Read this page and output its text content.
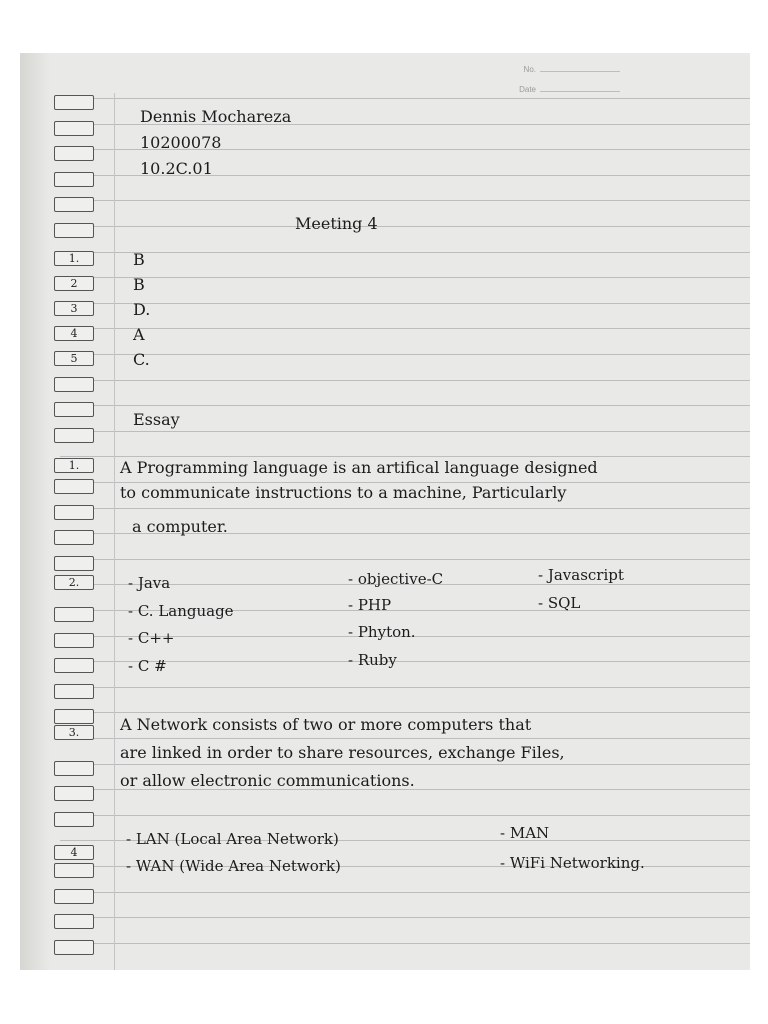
No.
Date
Dennis Mochareza
10200078
10.2C.01
Meeting 4
1.	B
2	B
3	D.
4	A
5	C.
Essay
1.	A Programming language is an artifical language designed
to communicate instructions to a machine, Particularly
a computer.
2.	- Java
- C. Language
- C++
- C #
- objective-C
- PHP
- Phyton.
- Ruby
- Javascript
- SQL
3.	A Network consists of two or more computers that
are linked in order to share resources, exchange Files,
or allow electronic communications.
4
- LAN (Local Area Network)
- WAN (Wide Area Network)
- MAN
- WiFi Networking.
